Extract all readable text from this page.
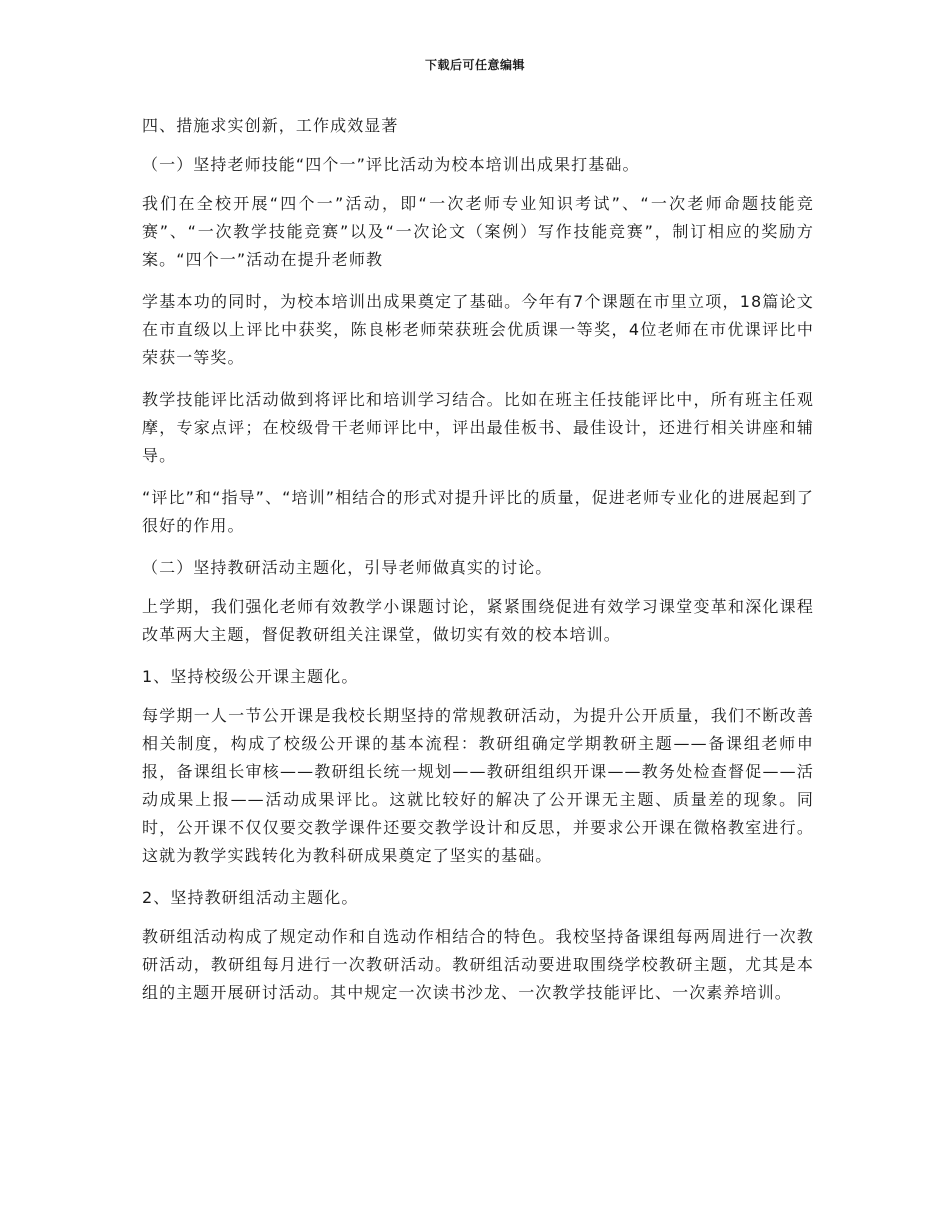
下载后可任意编辑

四、措施求实创新，工作成效显著

（一）坚持老师技能“四个一”评比活动为校本培训出成果打基础。

我们在全校开展“四个一”活动，即“一次老师专业知识考试”、“一次老师命题技能竞赛”、“一次教学技能竞赛”以及“一次论文（案例）写作技能竞赛”，制订相应的奖励方案。“四个一”活动在提升老师教

学基本功的同时，为校本培训出成果奠定了基础。今年有7个课题在市里立项，18篇论文在市直级以上评比中获奖，陈良彬老师荣获班会优质课一等奖，4位老师在市优课评比中荣获一等奖。

教学技能评比活动做到将评比和培训学习结合。比如在班主任技能评比中，所有班主任观摩，专家点评；在校级骨干老师评比中，评出最佳板书、最佳设计，还进行相关讲座和辅导。

“评比”和“指导”、“培训”相结合的形式对提升评比的质量，促进老师专业化的进展起到了很好的作用。

（二）坚持教研活动主题化，引导老师做真实的讨论。

上学期，我们强化老师有效教学小课题讨论，紧紧围绕促进有效学习课堂变革和深化课程改革两大主题，督促教研组关注课堂，做切实有效的校本培训。

1、坚持校级公开课主题化。

每学期一人一节公开课是我校长期坚持的常规教研活动，为提升公开质量，我们不断改善相关制度，构成了校级公开课的基本流程：教研组确定学期教研主题——备课组老师申报，备课组长审核——教研组长统一规划——教研组组织开课——教务处检查督促——活动成果上报——活动成果评比。这就比较好的解决了公开课无主题、质量差的现象。同时，公开课不仅仅要交教学课件还要交教学设计和反思，并要求公开课在微格教室进行。这就为教学实践转化为教科研成果奠定了坚实的基础。

2、坚持教研组活动主题化。

教研组活动构成了规定动作和自选动作相结合的特色。我校坚持备课组每两周进行一次教研活动，教研组每月进行一次教研活动。教研组活动要进取围绕学校教研主题，尤其是本组的主题开展研讨活动。其中规定一次读书沙龙、一次教学技能评比、一次素养培训。
